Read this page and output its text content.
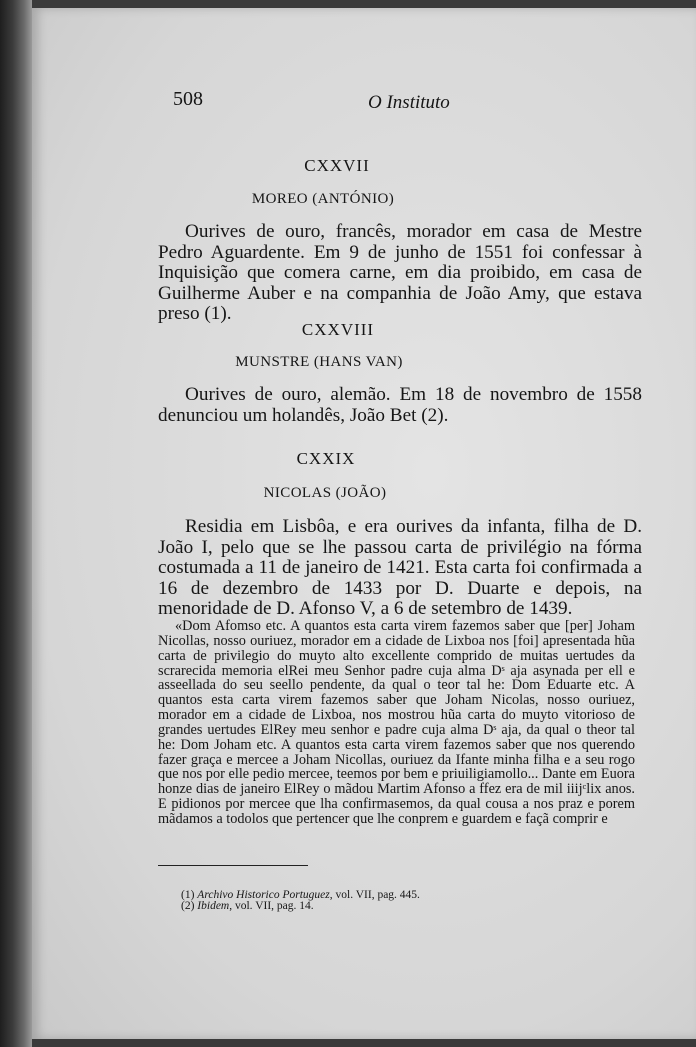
508	O Instituto
CXXVII
MOREO (ANTÓNIO)

Ourives de ouro, francês, morador em casa de Mestre Pedro Aguardente. Em 9 de junho de 1551 foi confessar à Inquisição que comera carne, em dia proibido, em casa de Guilherme Auber e na companhia de João Amy, que estava preso (1).

CXXVIII
MUNSTRE (HANS VAN)

Ourives de ouro, alemão. Em 18 de novembro de 1558 denunciou um holandês, João Bet (2).

CXXIX
NICOLAS (JOÃO)

Residia em Lisbôa, e era ourives da infanta, filha de D. João I, pelo que se lhe passou carta de privilégio na fórma costumada a 11 de janeiro de 1421. Esta carta foi confirmada a 16 de dezembro de 1433 por D. Duarte e depois, na menoridade de D. Afonso V, a 6 de setembro de 1439.

«Dom Afomso etc. A quantos esta carta virem fazemos saber que [per] Joham Nicollas, nosso ouriuez, morador em a cidade de Lixboa nos [foi] apresentada hũa carta de privilegio do muyto alto excellente comprido de muitas uertudes da scrarecida memoria elRei meu Senhor padre cuja alma Dˢ aja asynada per ell e asseellada do seu seello pendente, da qual o teor tal he: Dom Eduarte etc. A quantos esta carta virem fazemos saber que Joham Nicolas, nosso ouriuez, morador em a cidade de Lixboa, nos mostrou hũa carta do muyto vitorioso de grandes uertudes ElRey meu senhor e padre cuja alma Dˢ aja, da qual o theor tal he: Dom Joham etc. A quantos esta carta virem fazemos saber que nos querendo fazer graça e mercee a Joham Nicollas, ouriuez da Ifante minha filha e a seu rogo que nos por elle pedio mercee, teemos por bem e priuiligiamollo... Dante em Euora honze dias de janeiro ElRey o mãdou Martim Afonso a ffez era de mil iiijᶜlix anos. E pidionos por mercee que lha confirmasemos, da qual cousa a nos praz e porem mãdamos a todolos que pertencer que lhe conprem e guardem e façã comprir e

(1) Archivo Historico Portuguez, vol. VII, pag. 445.
(2) Ibidem, vol. VII, pag. 14.
